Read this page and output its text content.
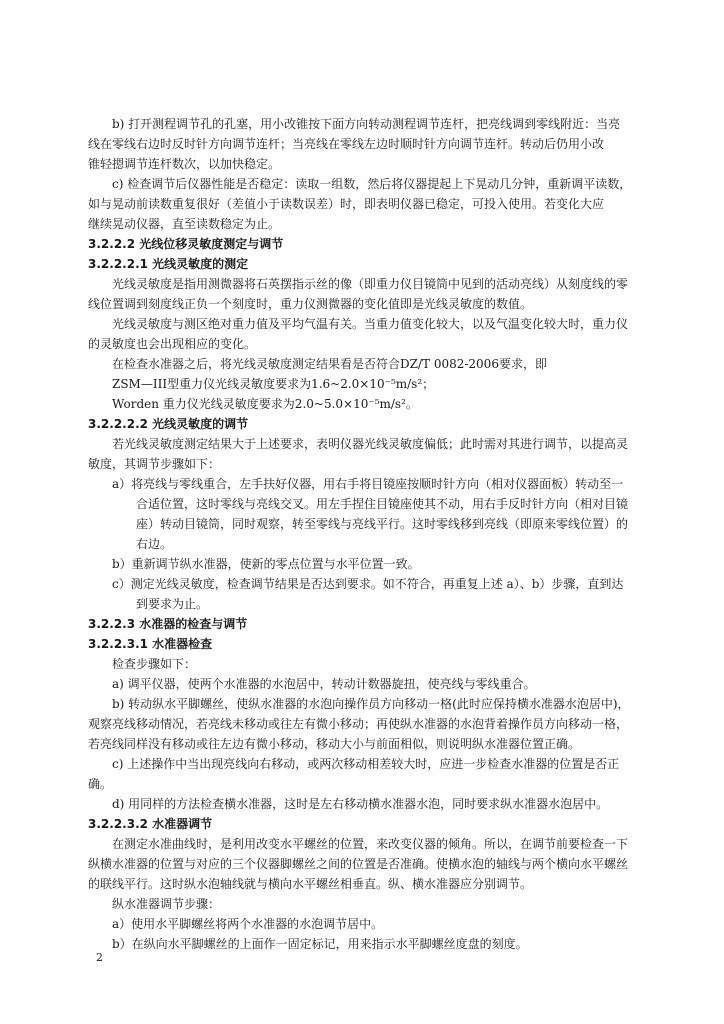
b) 打开测程调节孔的孔塞，用小改锥按下面方向转动测程调节连杆，把亮线调到零线附近：当亮
线在零线右边时反时针方向调节连杆；当亮线在零线左边时顺时针方向调节连杆。转动后仍用小改
锥轻摁调节连杆数次，以加快稳定。
c) 检查调节后仪器性能是否稳定：读取一组数，然后将仪器提起上下晃动几分钟，重新调平读数，
如与晃动前读数重复很好（差值小于读数误差）时，即表明仪器已稳定，可投入使用。若变化大应
继续晃动仪器，直至读数稳定为止。
3.2.2.2 光线位移灵敏度测定与调节
3.2.2.2.1 光线灵敏度的测定
光线灵敏度是指用测微器将石英摆指示丝的像（即重力仪目镜筒中见到的活动亮线）从刻度线的零
线位置调到刻度线正负一个刻度时，重力仪测微器的变化值即是光线灵敏度的数值。
光线灵敏度与测区绝对重力值及平均气温有关。当重力值变化较大，以及气温变化较大时，重力仪
的灵敏度也会出现相应的变化。
在检查水准器之后，将光线灵敏度测定结果看是否符合DZ/T 0082-2006要求，即
ZSM—III型重力仪光线灵敏度要求为1.6~2.0×10⁻⁵m/s²；
Worden 重力仪光线灵敏度要求为2.0~5.0×10⁻⁵m/s²。
3.2.2.2.2 光线灵敏度的调节
若光线灵敏度测定结果大于上述要求，表明仪器光线灵敏度偏低；此时需对其进行调节，以提高灵
敏度，其调节步骤如下：
a）将亮线与零线重合，左手扶好仪器，用右手将目镜座按顺时针方向（相对仪器面板）转动至一
合适位置，这时零线与亮线交叉。用左手捏住目镜座使其不动，用右手反时针方向（相对目镜
座）转动目镜筒，同时观察，转至零线与亮线平行。这时零线移到亮线（即原来零线位置）的
右边。
b）重新调节纵水准器，使新的零点位置与水平位置一致。
c）测定光线灵敏度，检查调节结果是否达到要求。如不符合，再重复上述 a）、b）步骤，直到达
到要求为止。
3.2.2.3 水准器的检查与调节
3.2.2.3.1 水准器检查
检查步骤如下：
a) 调平仪器，使两个水准器的水泡居中，转动计数器旋扭，使亮线与零线重合。
b) 转动纵水平脚螺丝，使纵水准器的水泡向操作员方向移动一格(此时应保持横水准器水泡居中)，
观察亮线移动情况，若亮线未移动或往左有微小移动；再使纵水准器的水泡背着操作员方向移动一格，
若亮线同样没有移动或往左边有微小移动，移动大小与前面相似，则说明纵水准器位置正确。
c) 上述操作中当出现亮线向右移动，或两次移动相差较大时，应进一步检查水准器的位置是否正
确。
d) 用同样的方法检查横水准器，这时是左右移动横水准器水泡，同时要求纵水准器水泡居中。
3.2.2.3.2 水准器调节
在测定水准曲线时，是利用改变水平螺丝的位置，来改变仪器的倾角。所以，在调节前要检查一下
纵横水准器的位置与对应的三个仪器脚螺丝之间的位置是否准确。使横水泡的轴线与两个横向水平螺丝
的联线平行。这时纵水泡轴线就与横向水平螺丝相垂直。纵、横水准器应分别调节。
纵水准器调节步骤：
a）使用水平脚螺丝将两个水准器的水泡调节居中。
b）在纵向水平脚螺丝的上面作一固定标记，用来指示水平脚螺丝度盘的刻度。
2
